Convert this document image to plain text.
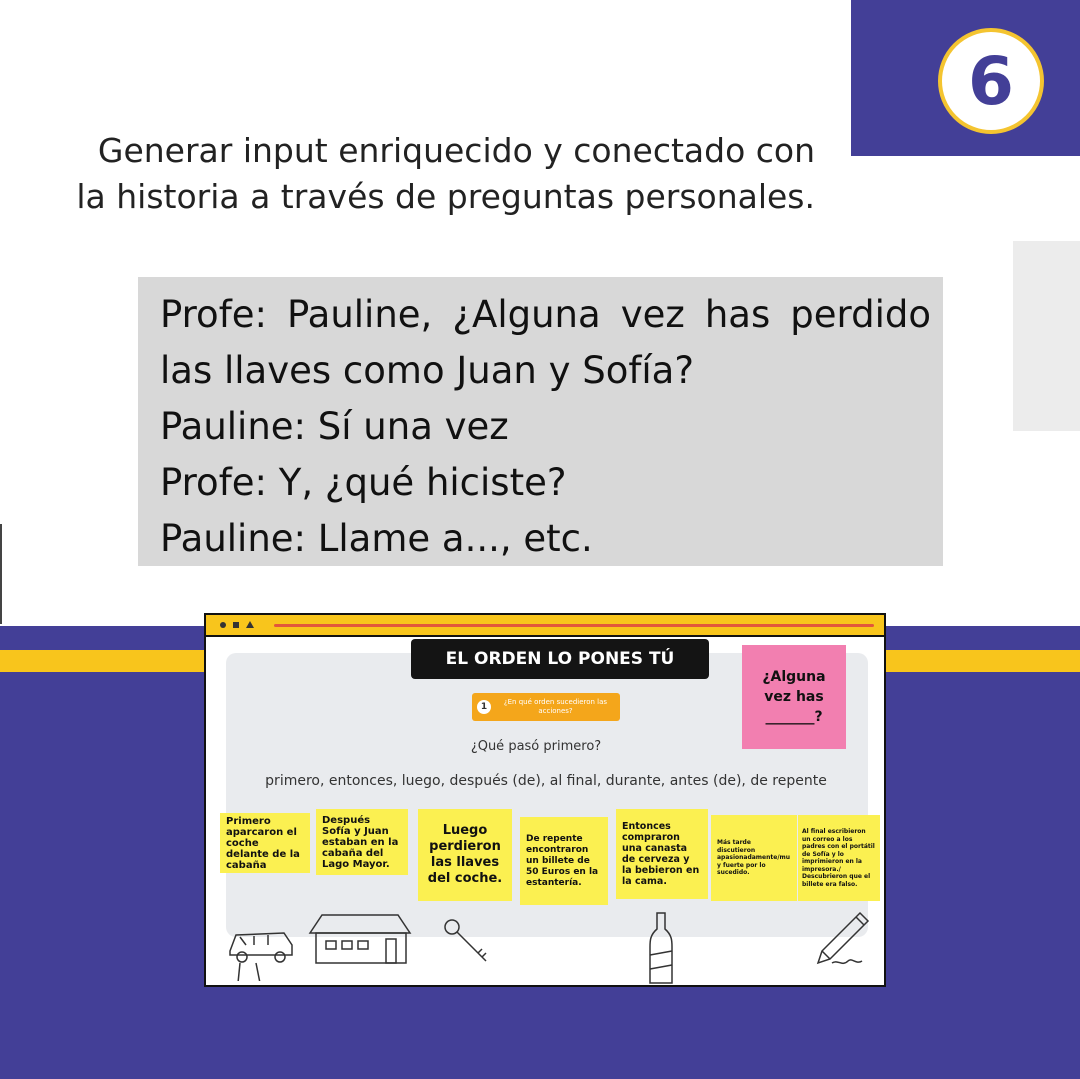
6
Generar input enriquecido y conectado con
la historia a través de preguntas personales.
Profe: Pauline, ¿Alguna vez has perdido
las llaves como Juan y Sofía?
Pauline: Sí una vez
Profe: Y, ¿qué hiciste?
Pauline: Llame a..., etc.
EL ORDEN LO PONES TÚ
¿Alguna
vez has
_______?
1	¿En qué orden sucedieron las acciones?
¿Qué pasó primero?
primero, entonces, luego, después (de), al final, durante, antes (de), de repente
Primero aparcaron el coche delante de la cabaña
Después Sofía y Juan estaban en la cabaña del Lago Mayor.
Luego perdieron las llaves del coche.
De repente encontraron un billete de 50 Euros en la estantería.
Entonces compraron una canasta de cerveza y la bebieron en la cama.
Más tarde discutieron apasionadamente/mu y fuerte por lo sucedido.
Al final escribieron un correo a los padres con el portátil de Sofía y lo imprimieron en la impresora./ Descubrieron que el billete era falso.
